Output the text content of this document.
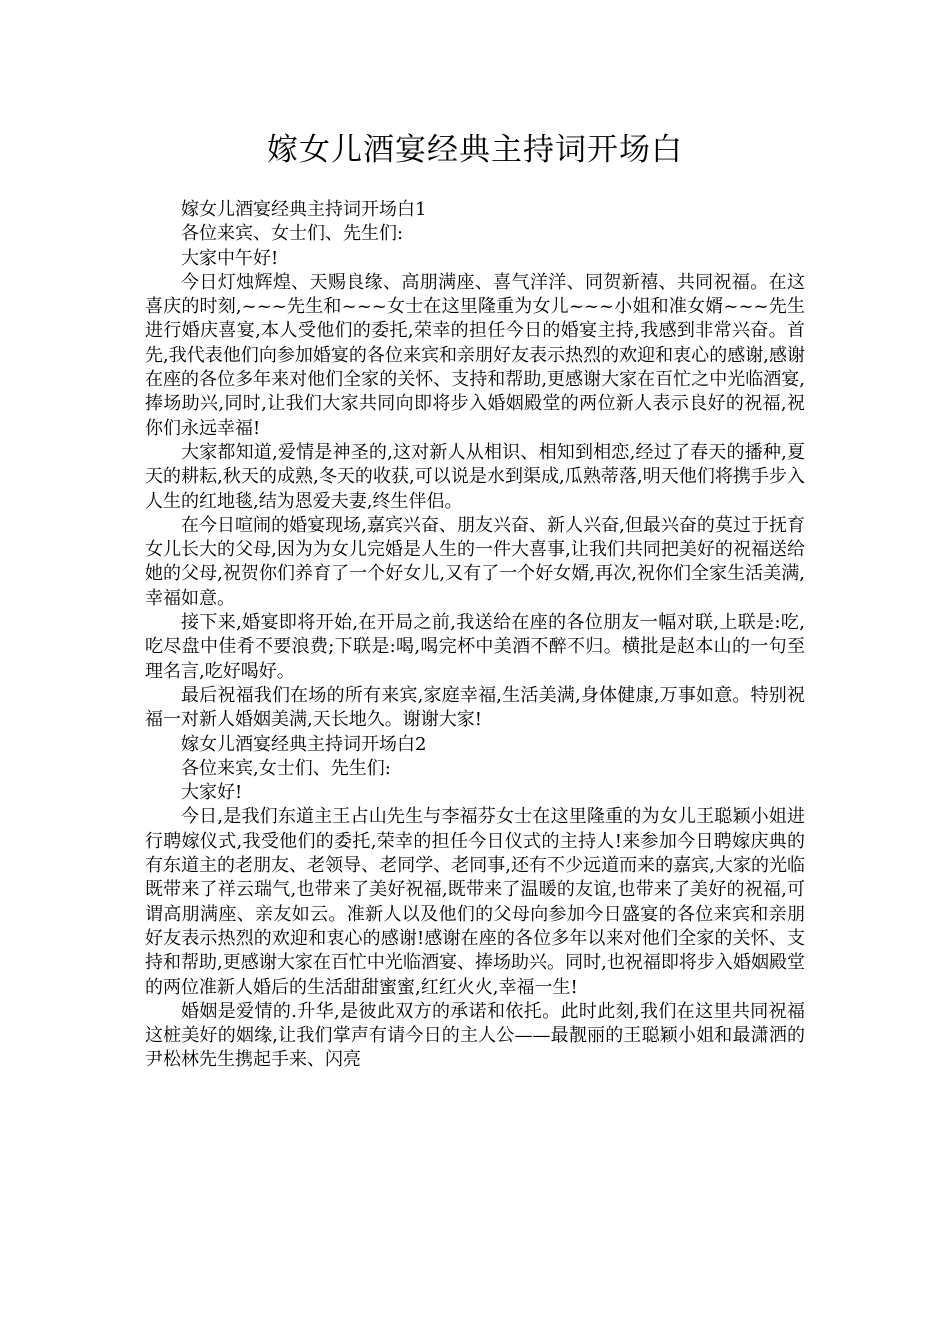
嫁女儿酒宴经典主持词开场白

嫁女儿酒宴经典主持词开场白1

各位来宾、女士们、先生们:

大家中午好!

今日灯烛辉煌、天赐良缘、高朋满座、喜气洋洋、同贺新禧、共同祝福。在这喜庆的时刻,~~~先生和~~~女士在这里隆重为女儿~~~小姐和准女婿~~~先生进行婚庆喜宴,本人受他们的委托,荣幸的担任今日的婚宴主持,我感到非常兴奋。首先,我代表他们向参加婚宴的各位来宾和亲朋好友表示热烈的欢迎和衷心的感谢,感谢在座的各位多年来对他们全家的关怀、支持和帮助,更感谢大家在百忙之中光临酒宴,捧场助兴,同时,让我们大家共同向即将步入婚姻殿堂的两位新人表示良好的祝福,祝你们永远幸福!

大家都知道,爱情是神圣的,这对新人从相识、相知到相恋,经过了春天的播种,夏天的耕耘,秋天的成熟,冬天的收获,可以说是水到渠成,瓜熟蒂落,明天他们将携手步入人生的红地毯,结为恩爱夫妻,终生伴侣。

在今日喧闹的婚宴现场,嘉宾兴奋、朋友兴奋、新人兴奋,但最兴奋的莫过于抚育女儿长大的父母,因为为女儿完婚是人生的一件大喜事,让我们共同把美好的祝福送给她的父母,祝贺你们养育了一个好女儿,又有了一个好女婿,再次,祝你们全家生活美满,幸福如意。

接下来,婚宴即将开始,在开局之前,我送给在座的各位朋友一幅对联,上联是:吃,吃尽盘中佳肴不要浪费;下联是:喝,喝完杯中美酒不醉不归。横批是赵本山的一句至理名言,吃好喝好。

最后祝福我们在场的所有来宾,家庭幸福,生活美满,身体健康,万事如意。特别祝福一对新人婚姻美满,天长地久。谢谢大家!

嫁女儿酒宴经典主持词开场白2

各位来宾,女士们、先生们:

大家好!

今日,是我们东道主王占山先生与李福芬女士在这里隆重的为女儿王聪颖小姐进行聘嫁仪式,我受他们的委托,荣幸的担任今日仪式的主持人!来参加今日聘嫁庆典的有东道主的老朋友、老领导、老同学、老同事,还有不少远道而来的嘉宾,大家的光临既带来了祥云瑞气,也带来了美好祝福,既带来了温暖的友谊,也带来了美好的祝福,可谓高朋满座、亲友如云。准新人以及他们的父母向参加今日盛宴的各位来宾和亲朋好友表示热烈的欢迎和衷心的感谢!感谢在座的各位多年以来对他们全家的关怀、支持和帮助,更感谢大家在百忙中光临酒宴、捧场助兴。同时,也祝福即将步入婚姻殿堂的两位准新人婚后的生活甜甜蜜蜜,红红火火,幸福一生!

婚姻是爱情的.升华,是彼此双方的承诺和依托。此时此刻,我们在这里共同祝福这桩美好的姻缘,让我们掌声有请今日的主人公——最靓丽的王聪颖小姐和最潇洒的尹松林先生携起手来、闪亮
